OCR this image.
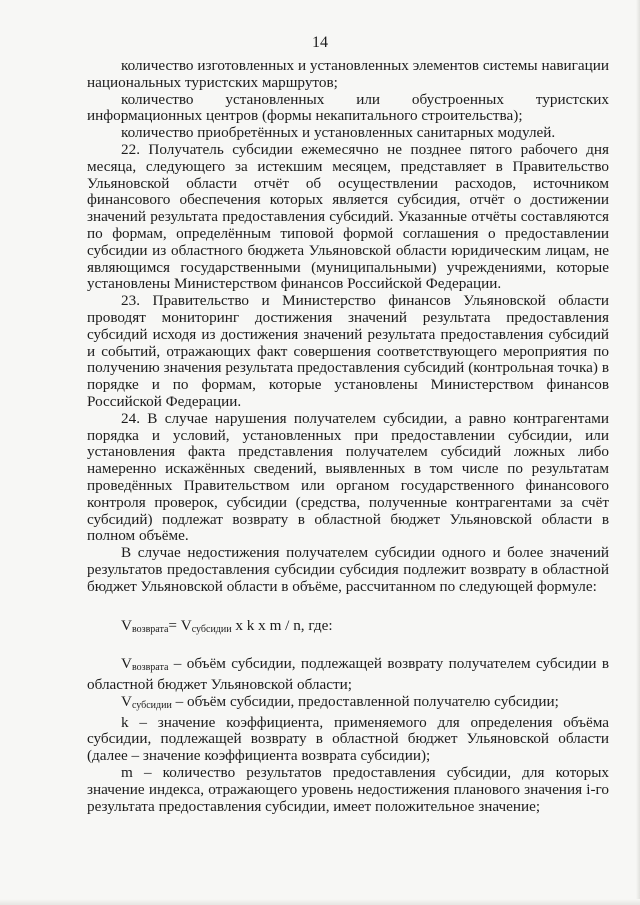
14

количество изготовленных и установленных элементов системы навигации национальных туристских маршрутов;

количество установленных или обустроенных туристских информационных центров (формы некапитального строительства);

количество приобретённых и установленных санитарных модулей.

22. Получатель субсидии ежемесячно не позднее пятого рабочего дня месяца, следующего за истекшим месяцем, представляет в Правительство Ульяновской области отчёт об осуществлении расходов, источником финансового обеспечения которых является субсидия, отчёт о достижении значений результата предоставления субсидий. Указанные отчёты составляются по формам, определённым типовой формой соглашения о предоставлении субсидии из областного бюджета Ульяновской области юридическим лицам, не являющимся государственными (муниципальными) учреждениями, которые установлены Министерством финансов Российской Федерации.

23. Правительство и Министерство финансов Ульяновской области проводят мониторинг достижения значений результата предоставления субсидий исходя из достижения значений результата предоставления субсидий и событий, отражающих факт совершения соответствующего мероприятия по получению значения результата предоставления субсидий (контрольная точка) в порядке и по формам, которые установлены Министерством финансов Российской Федерации.

24. В случае нарушения получателем субсидии, а равно контрагентами порядка и условий, установленных при предоставлении субсидии, или установления факта представления получателем субсидий ложных либо намеренно искажённых сведений, выявленных в том числе по результатам проведённых Правительством или органом государственного финансового контроля проверок, субсидии (средства, полученные контрагентами за счёт субсидий) подлежат возврату в областной бюджет Ульяновской области в полном объёме.

В случае недостижения получателем субсидии одного и более значений результатов предоставления субсидии субсидия подлежит возврату в областной бюджет Ульяновской области в объёме, рассчитанном по следующей формуле:

$V_{возврата}= V_{субсидии}$ x k x m / n, где:

$V_{возврата}$ – объём субсидии, подлежащей возврату получателем субсидии в областной бюджет Ульяновской области;

$V_{субсидии}$ – объём субсидии, предоставленной получателю субсидии;

k – значение коэффициента, применяемого для определения объёма субсидии, подлежащей возврату в областной бюджет Ульяновской области (далее – значение коэффициента возврата субсидии);

m – количество результатов предоставления субсидии, для которых значение индекса, отражающего уровень недостижения планового значения i-го результата предоставления субсидии, имеет положительное значение;
